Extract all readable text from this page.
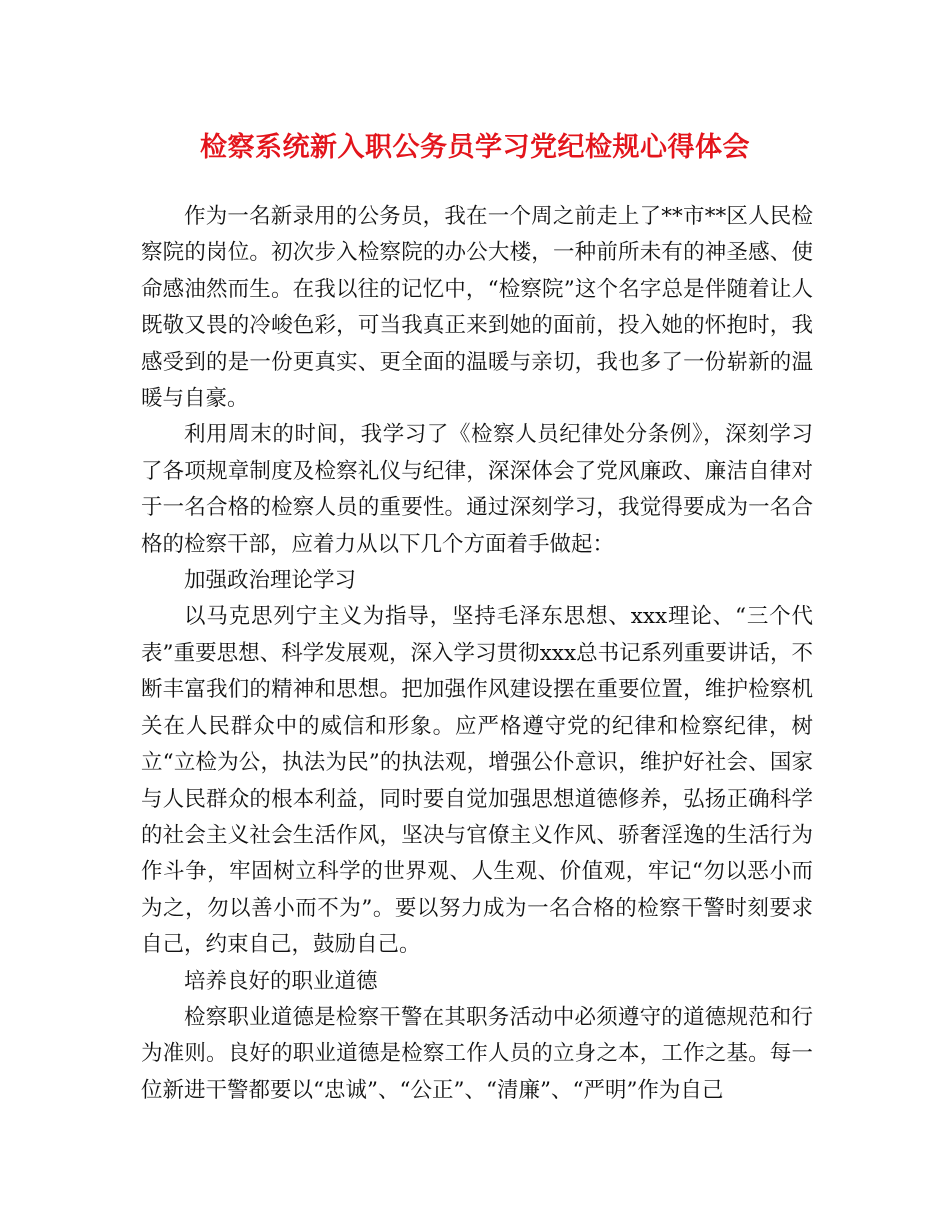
检察系统新入职公务员学习党纪检规心得体会

作为一名新录用的公务员，我在一个周之前走上了**市**区人民检察院的岗位。初次步入检察院的办公大楼，一种前所未有的神圣感、使命感油然而生。在我以往的记忆中，“检察院”这个名字总是伴随着让人既敬又畏的冷峻色彩，可当我真正来到她的面前，投入她的怀抱时，我感受到的是一份更真实、更全面的温暖与亲切，我也多了一份崭新的温暖与自豪。

利用周末的时间，我学习了《检察人员纪律处分条例》，深刻学习了各项规章制度及检察礼仪与纪律，深深体会了党风廉政、廉洁自律对于一名合格的检察人员的重要性。通过深刻学习，我觉得要成为一名合格的检察干部，应着力从以下几个方面着手做起：

加强政治理论学习

以马克思列宁主义为指导，坚持毛泽东思想、xxx理论、“三个代表”重要思想、科学发展观，深入学习贯彻xxx总书记系列重要讲话，不断丰富我们的精神和思想。把加强作风建设摆在重要位置，维护检察机关在人民群众中的威信和形象。应严格遵守党的纪律和检察纪律，树立“立检为公，执法为民”的执法观，增强公仆意识，维护好社会、国家与人民群众的根本利益，同时要自觉加强思想道德修养，弘扬正确科学的社会主义社会生活作风，坚决与官僚主义作风、骄奢淫逸的生活行为作斗争，牢固树立科学的世界观、人生观、价值观，牢记“勿以恶小而为之，勿以善小而不为”。要以努力成为一名合格的检察干警时刻要求自己，约束自己，鼓励自己。

培养良好的职业道德

检察职业道德是检察干警在其职务活动中必须遵守的道德规范和行为准则。良好的职业道德是检察工作人员的立身之本，工作之基。每一位新进干警都要以“忠诚”、“公正”、“清廉”、“严明”作为自己
